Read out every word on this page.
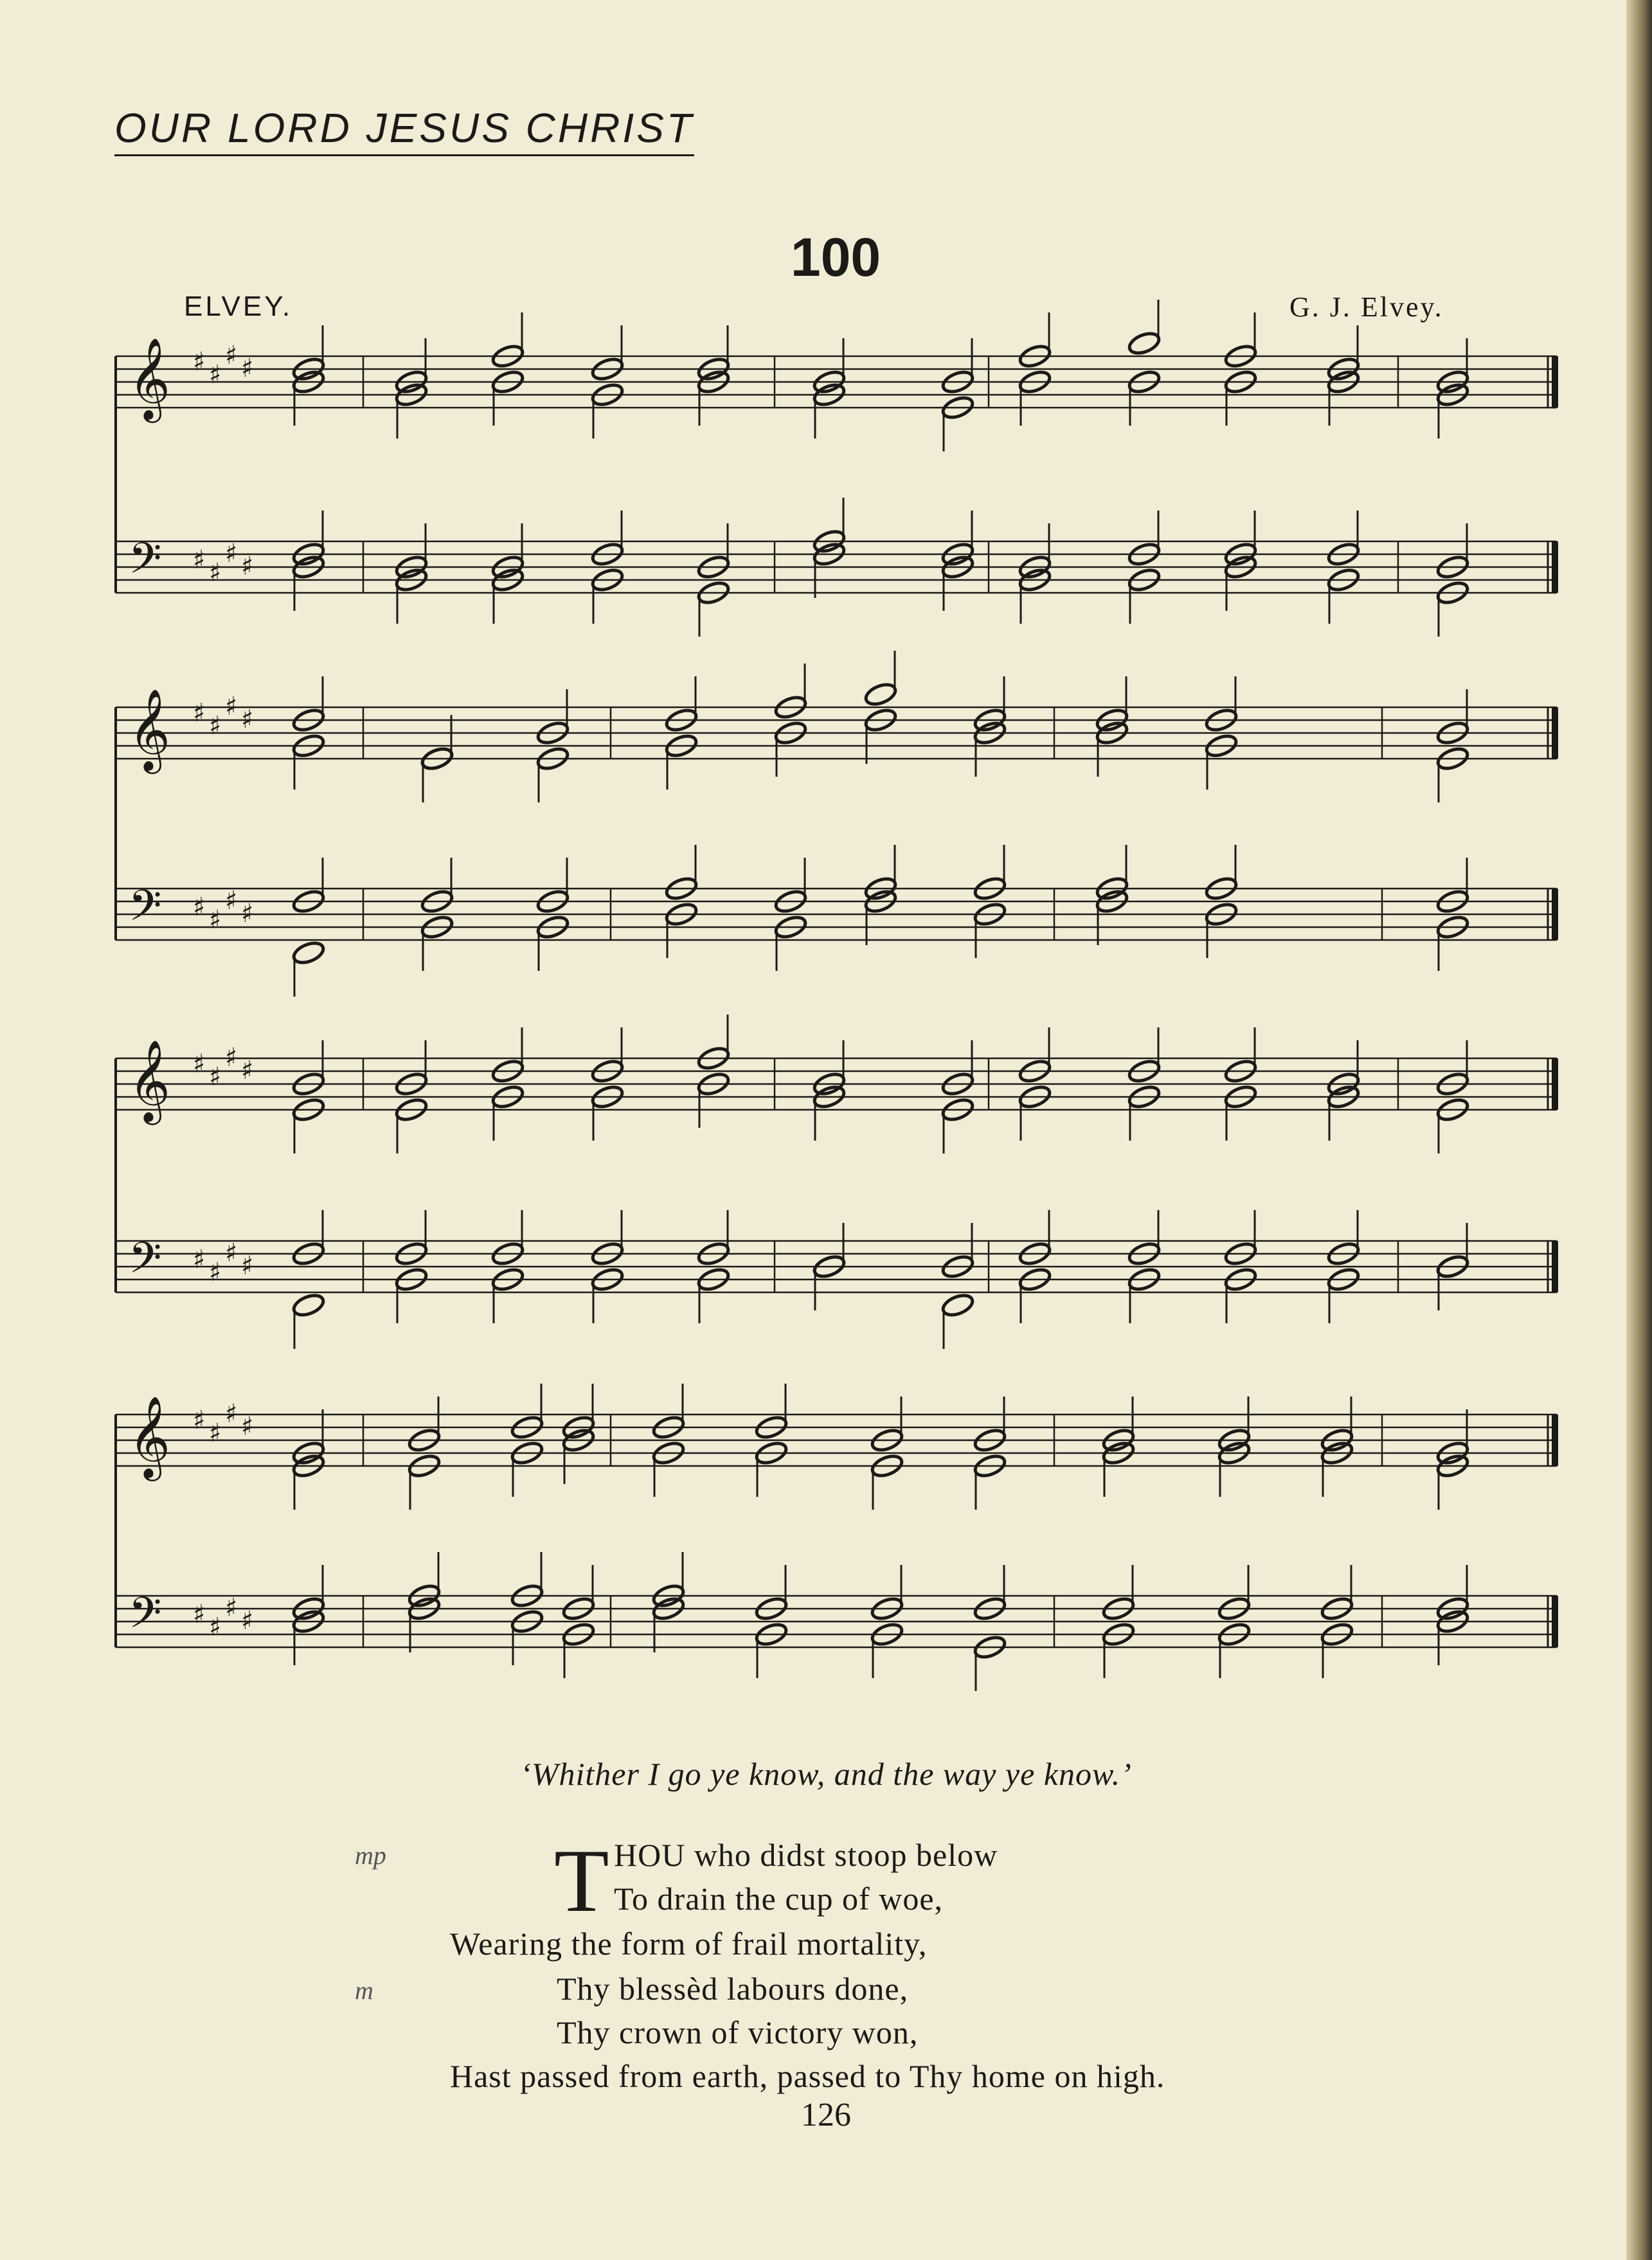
OUR LORD JESUS CHRIST
100
ELVEY.	G. J. Elvey.
𝄞
𝄢
♯
♯
♯
♯
♯
♯
♯
♯
𝄞
𝄢
♯
♯
♯
♯
♯
♯
♯
♯
𝄞
𝄢
♯
♯
♯
♯
♯
♯
♯
♯
𝄞
𝄢
♯
♯
♯
♯
♯
♯
♯
♯
‘Whither I go ye know, and the way ye know.’
mp
m
T HOU who didst stoop below
To drain the cup of woe,
Wearing the form of frail mortality,
Thy blessèd labours done,
Thy crown of victory won,
Hast passed from earth, passed to Thy home on high.
126
